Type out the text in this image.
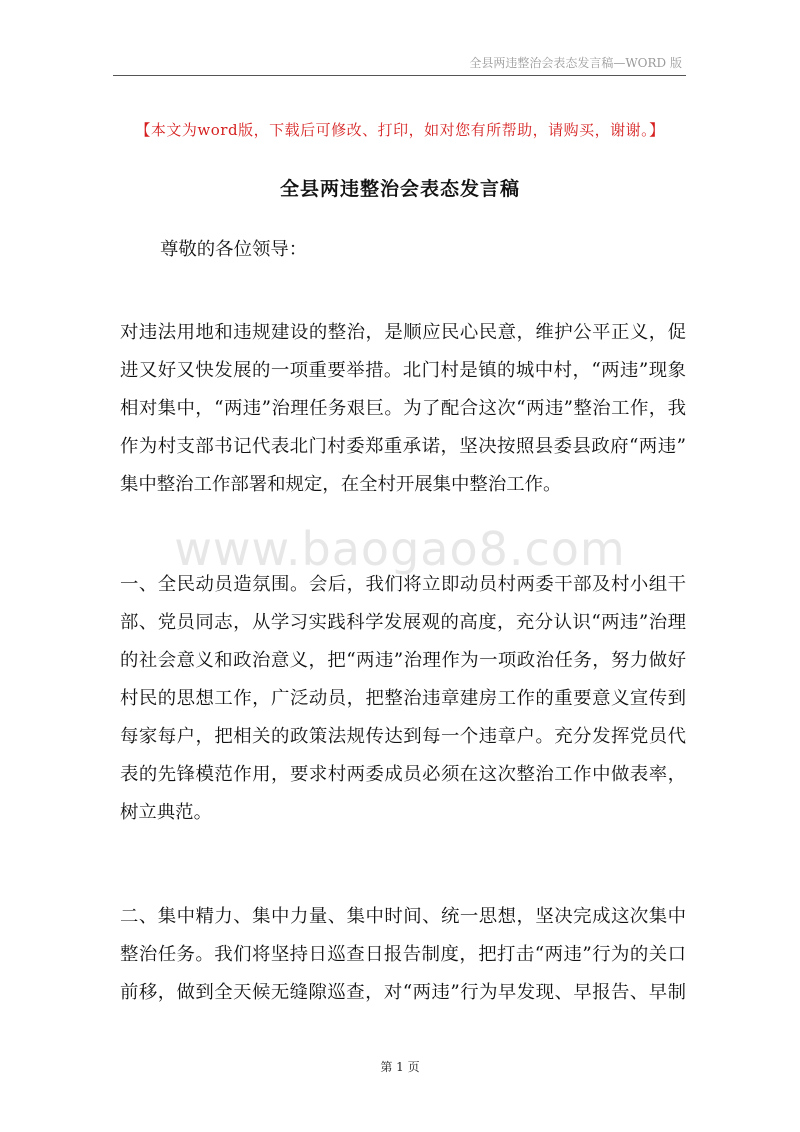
全县两违整治会表态发言稿—WORD 版
【本文为word版，下载后可修改、打印，如对您有所帮助，请购买，谢谢。】
全县两违整治会表态发言稿
尊敬的各位领导：
对违法用地和违规建设的整治，是顺应民心民意，维护公平正义，促
进又好又快发展的一项重要举措。北门村是镇的城中村，“两违”现象
相对集中，“两违”治理任务艰巨。为了配合这次“两违”整治工作，我
作为村支部书记代表北门村委郑重承诺，坚决按照县委县政府“两违”
集中整治工作部署和规定，在全村开展集中整治工作。
www.baogao8.com
一、全民动员造氛围。会后，我们将立即动员村两委干部及村小组干
部、党员同志，从学习实践科学发展观的高度，充分认识“两违”治理
的社会意义和政治意义，把“两违”治理作为一项政治任务，努力做好
村民的思想工作，广泛动员，把整治违章建房工作的重要意义宣传到
每家每户，把相关的政策法规传达到每一个违章户。充分发挥党员代
表的先锋模范作用，要求村两委成员必须在这次整治工作中做表率，
树立典范。
二、集中精力、集中力量、集中时间、统一思想，坚决完成这次集中
整治任务。我们将坚持日巡查日报告制度，把打击“两违”行为的关口
前移，做到全天候无缝隙巡查，对“两违”行为早发现、早报告、早制
第 1 页
